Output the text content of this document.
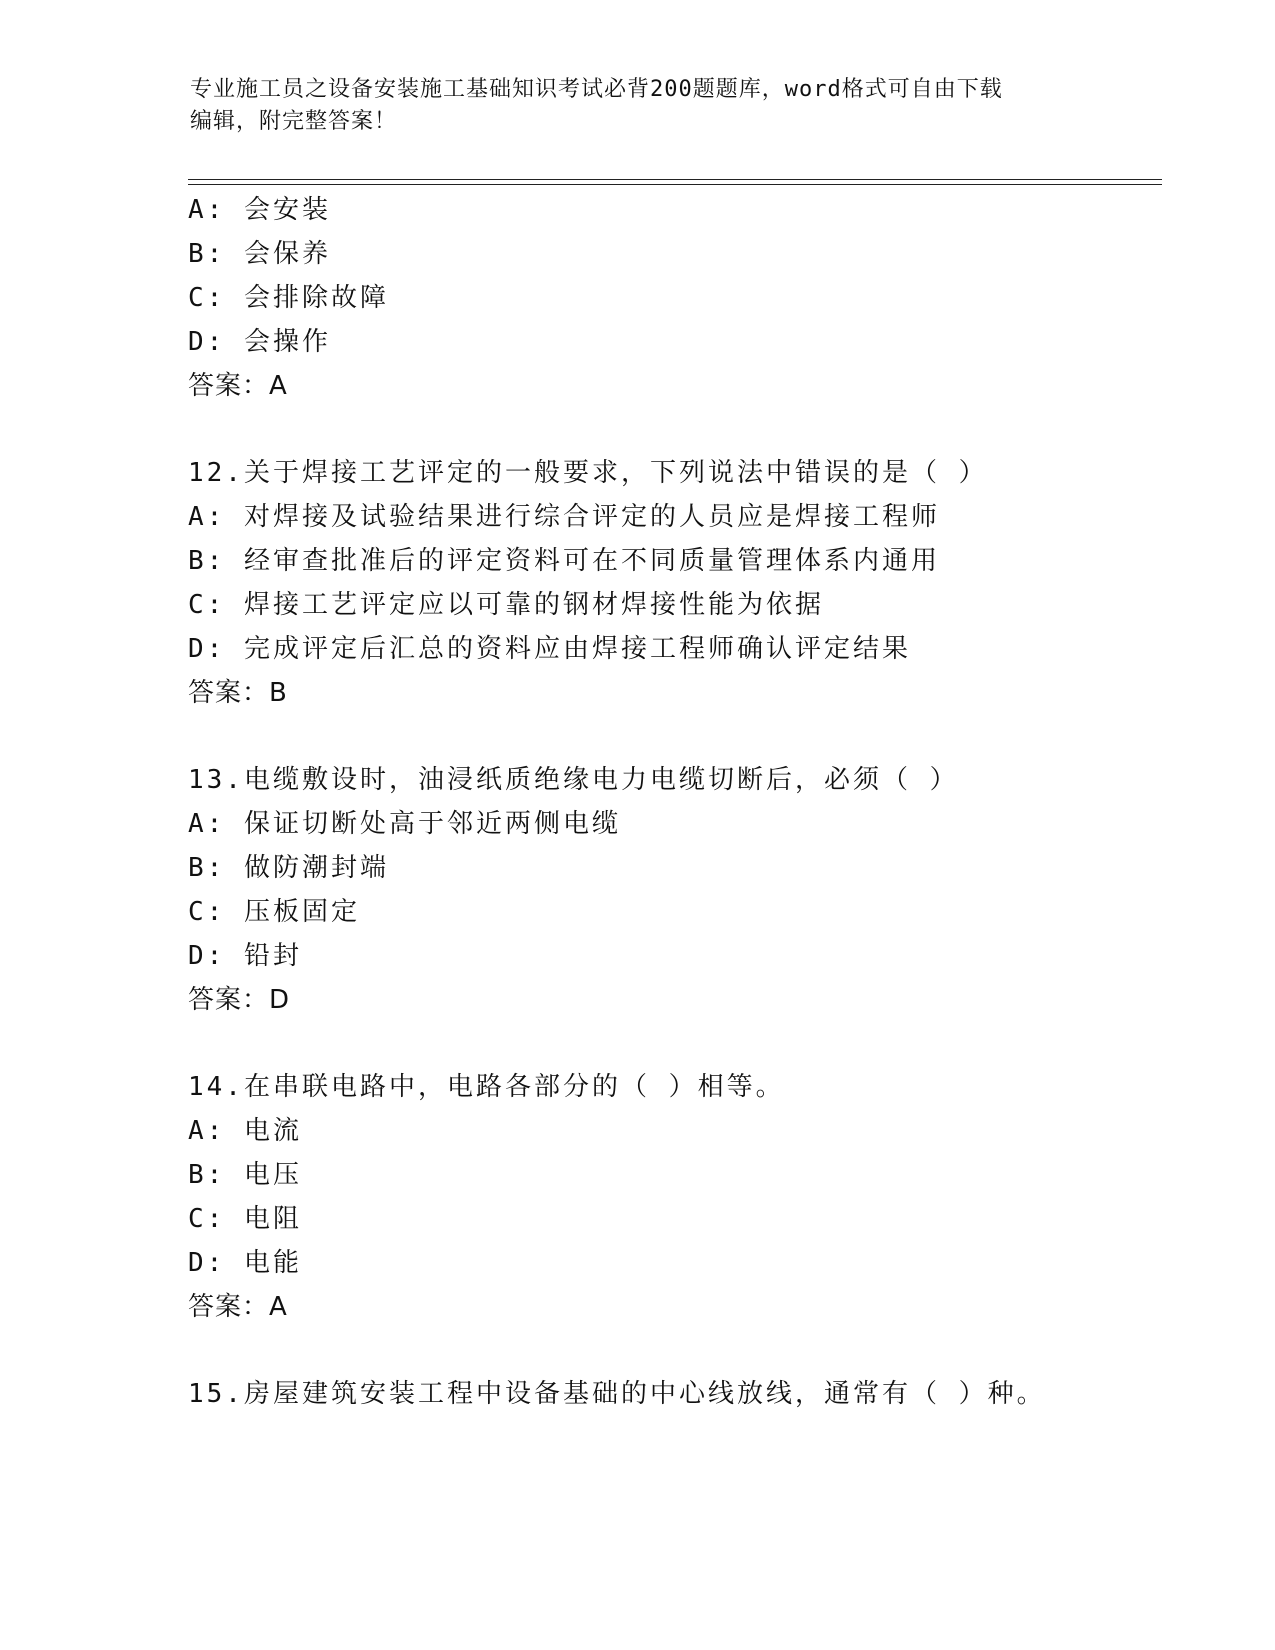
专业施工员之设备安装施工基础知识考试必背200题题库，word格式可自由下载
编辑，附完整答案！
A: 会安装
B: 会保养
C: 会排除故障
D: 会操作
答案：A
12.关于焊接工艺评定的一般要求，下列说法中错误的是（ ）
A: 对焊接及试验结果进行综合评定的人员应是焊接工程师
B: 经审查批准后的评定资料可在不同质量管理体系内通用
C: 焊接工艺评定应以可靠的钢材焊接性能为依据
D: 完成评定后汇总的资料应由焊接工程师确认评定结果
答案：B
13.电缆敷设时，油浸纸质绝缘电力电缆切断后，必须（ ）
A: 保证切断处高于邻近两侧电缆
B: 做防潮封端
C: 压板固定
D: 铅封
答案：D
14.在串联电路中，电路各部分的（ ）相等。
A: 电流
B: 电压
C: 电阻
D: 电能
答案：A
15.房屋建筑安装工程中设备基础的中心线放线，通常有（ ）种。
